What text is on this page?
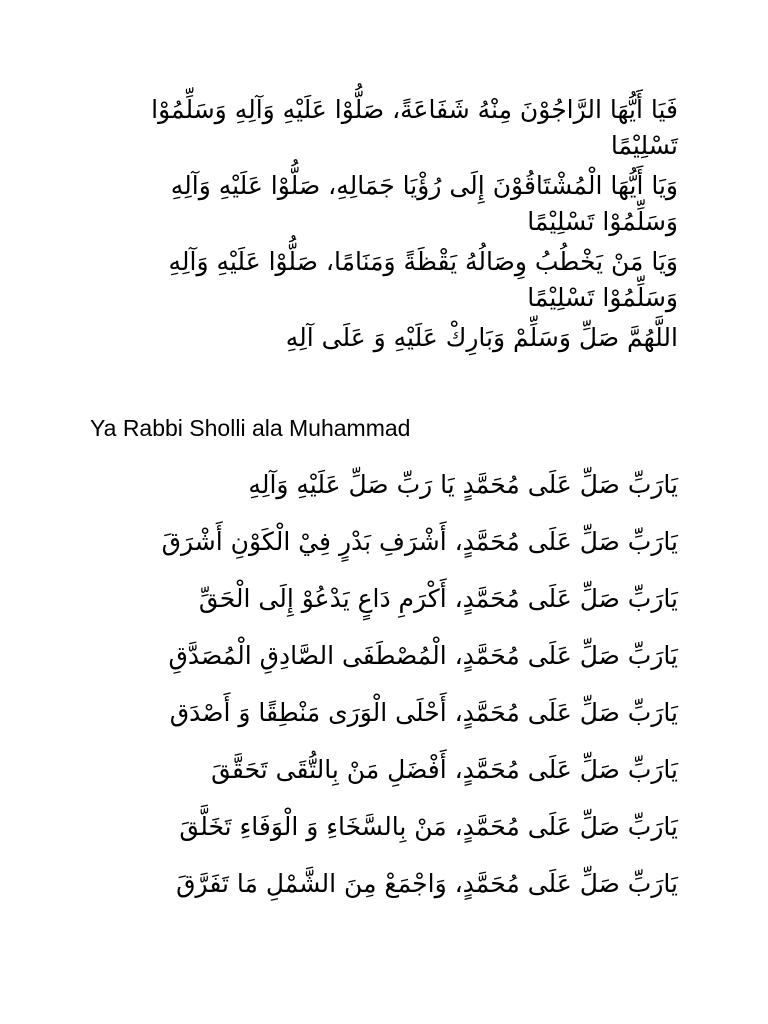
فَيَا أَيُّهَا الرَّاجُوْنَ مِنْهُ شَفَاعَةً، صَلُّوْا عَلَيْهِ وَآلِهِ وَسَلِّمُوْا تَسْلِيْمًا

وَيَا أَيُّهَا الْمُشْتَاقُوْنَ إِلَى رُؤْيَا جَمَالِهِ، صَلُّوْا عَلَيْهِ وَآلِهِ وَسَلِّمُوْا تَسْلِيْمًا

وَيَا مَنْ يَخْطُبُ وِصَالُهُ يَقْظَةً وَمَنَامًا، صَلُّوْا عَلَيْهِ وَآلِهِ وَسَلِّمُوْا تَسْلِيْمًا

اللَّهُمَّ صَلِّ وَسَلِّمْ وَبَارِكْ عَلَيْهِ وَ عَلَى آلِهِ

Ya Rabbi Sholli ala Muhammad
يَارَبِّ صَلِّ عَلَى مُحَمَّدٍ يَا رَبِّ صَلِّ عَلَيْهِ وَآلِهِ
يَارَبِّ صَلِّ عَلَى مُحَمَّدٍ، أَشْرَفِ بَدْرٍ فِيْ الْكَوْنِ أَشْرَقَ
يَارَبِّ صَلِّ عَلَى مُحَمَّدٍ، أَكْرَمِ دَاعٍ يَدْعُوْ إِلَى الْحَقِّ
يَارَبِّ صَلِّ عَلَى مُحَمَّدٍ، الْمُصْطَفَى الصَّادِقِ الْمُصَدَّقِ
يَارَبِّ صَلِّ عَلَى مُحَمَّدٍ، أَحْلَى الْوَرَى مَنْطِقًا وَ أَصْدَق
يَارَبِّ صَلِّ عَلَى مُحَمَّدٍ، أَفْضَلِ مَنْ بِالتُّقَى تَحَقَّقَ
يَارَبِّ صَلِّ عَلَى مُحَمَّدٍ، مَنْ بِالسَّخَاءِ وَ الْوَفَاءِ تَخَلَّقَ
يَارَبِّ صَلِّ عَلَى مُحَمَّدٍ، وَاجْمَعْ مِنَ الشَّمْلِ مَا تَفَرَّقَ
